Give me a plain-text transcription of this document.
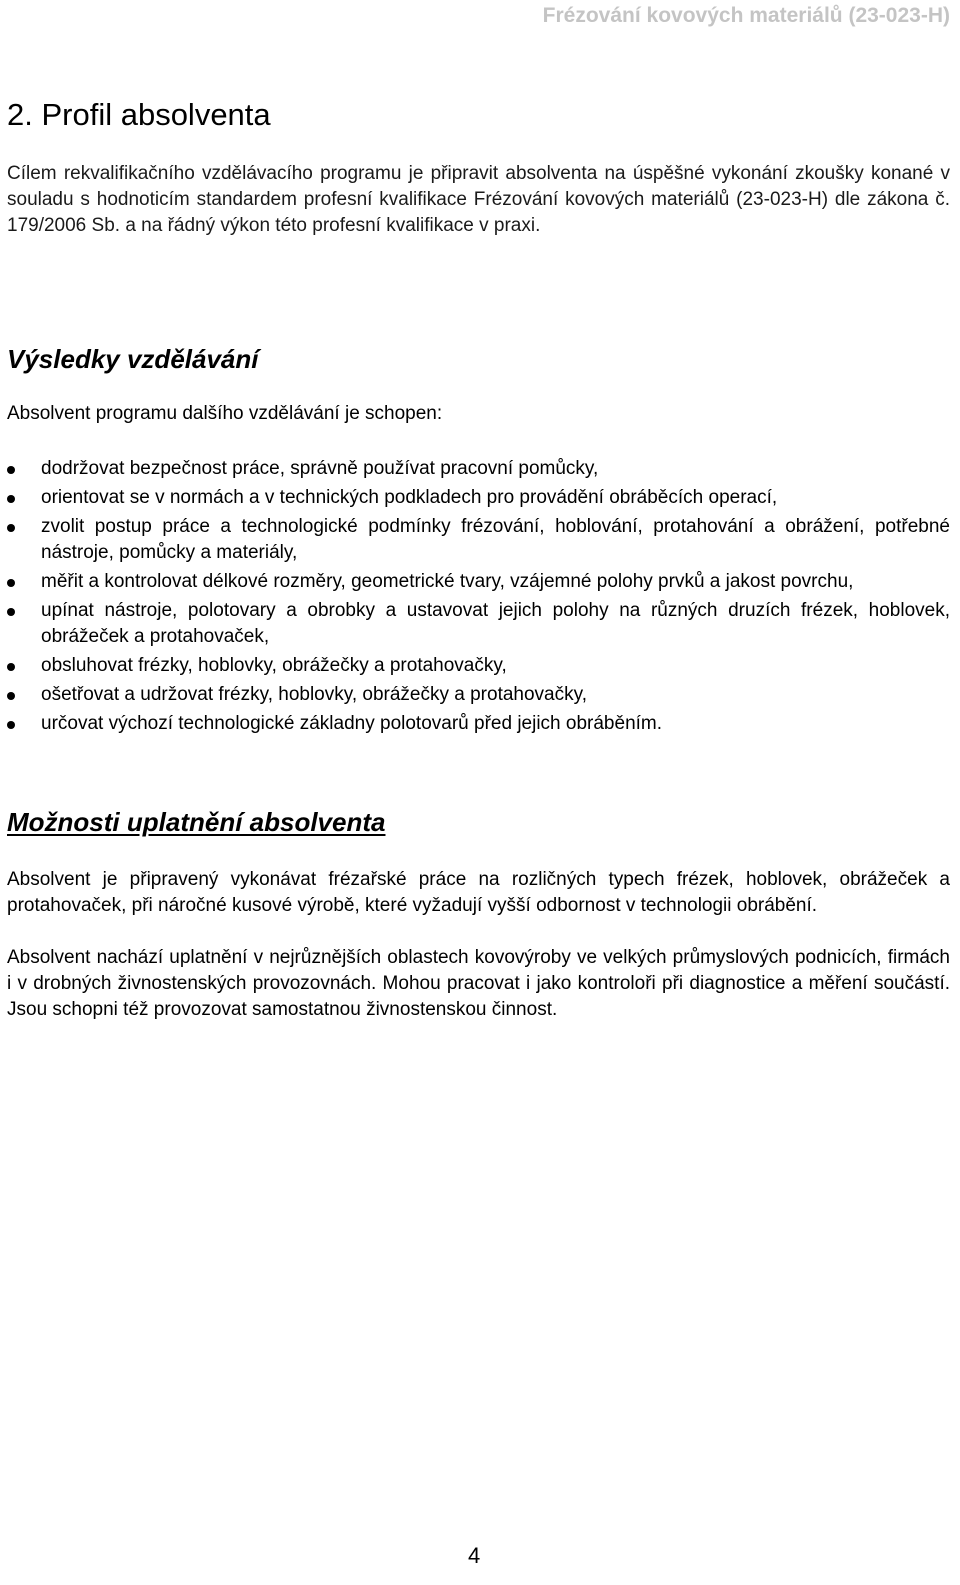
Frézování kovových materiálů (23-023-H)
2. Profil absolventa

Cílem rekvalifikačního vzdělávacího programu je připravit absolventa na úspěšné vykonání zkoušky konané v souladu s hodnoticím standardem profesní kvalifikace Frézování kovových materiálů (23-023-H) dle zákona č. 179/2006 Sb. a na řádný výkon této profesní kvalifikace v praxi.

Výsledky vzdělávání

Absolvent programu dalšího vzdělávání je schopen:

dodržovat bezpečnost práce, správně používat pracovní pomůcky,
orientovat se v normách a v technických podkladech pro provádění obráběcích operací,
zvolit postup práce a technologické podmínky frézování, hoblování, protahování a obrážení, potřebné nástroje, pomůcky a materiály,
měřit a kontrolovat délkové rozměry, geometrické tvary, vzájemné polohy prvků a jakost povrchu,
upínat nástroje, polotovary a obrobky a ustavovat jejich polohy na různých druzích frézek, hoblovek, obrážeček a protahovaček,
obsluhovat frézky, hoblovky, obrážečky a protahovačky,
ošetřovat a udržovat frézky, hoblovky, obrážečky a protahovačky,
určovat výchozí technologické základny polotovarů před jejich obráběním.
Možnosti uplatnění absolventa

Absolvent je připravený vykonávat frézařské práce na rozličných typech frézek, hoblovek, obrážeček a protahovaček, při náročné kusové výrobě, které vyžadují vyšší odbornost v technologii obrábění.

Absolvent nachází uplatnění v nejrůznějších oblastech kovovýroby ve velkých průmyslových podnicích, firmách i v drobných živnostenských provozovnách. Mohou pracovat i jako kontroloři při diagnostice a měření součástí. Jsou schopni též provozovat samostatnou živnostenskou činnost.

4
